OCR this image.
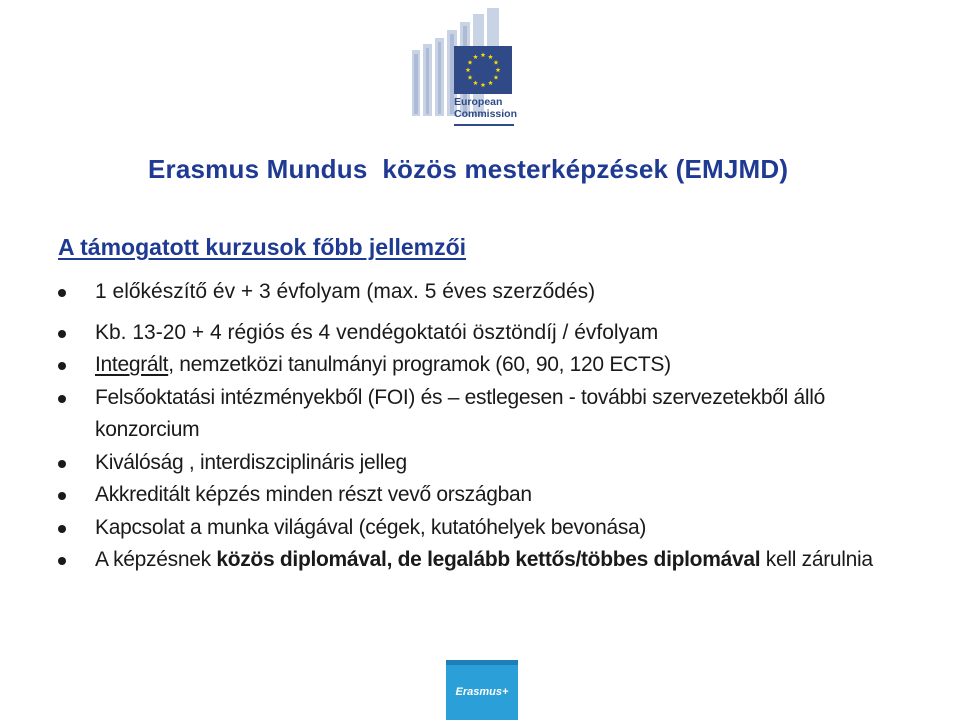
European
Commission
Erasmus Mundus  közös mesterképzések (EMJMD)
A támogatott kurzusok főbb jellemzői
1 előkészítő év + 3 évfolyam (max. 5 éves szerződés)
Kb. 13-20 + 4 régiós és 4 vendégoktatói ösztöndíj / évfolyam
Integrált, nemzetközi tanulmányi programok (60, 90, 120 ECTS)
Felsőoktatási intézményekből (FOI) és – estlegesen - további szervezetekből álló konzorcium
Kiválóság , interdiszciplináris jelleg
Akkreditált képzés minden részt vevő országban
Kapcsolat a munka világával (cégek, kutatóhelyek bevonása)
A képzésnek közös diplomával, de legalább kettős/többes diplomával kell zárulnia
Erasmus+
